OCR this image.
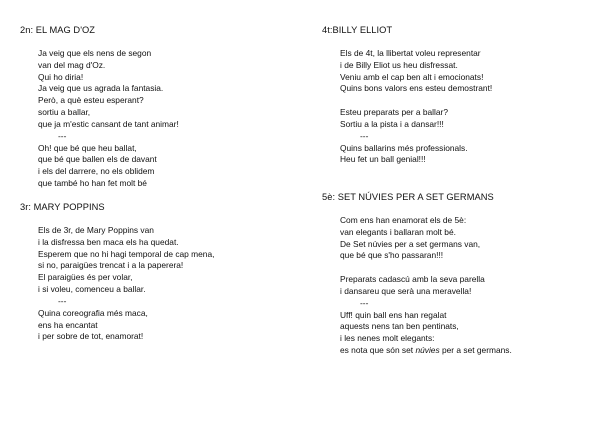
2n: EL MAG D'OZ
Ja veig que els nens de segon
van del mag d'Oz.
Qui ho diria!
Ja veig que us agrada la fantasia.
Però, a què esteu esperant?
sortiu a ballar,
que ja m'estic cansant de tant animar!
---
Oh! que bé que heu ballat,
que bé que ballen els de davant
i els del darrere, no els oblidem
que també ho han fet molt bé
3r: MARY POPPINS
Els de 3r, de Mary Poppins van
i la disfressa ben maca els ha quedat.
Esperem que no hi hagi temporal de cap mena,
si no, paraigües trencat i a la paperera!
El paraigües és per volar,
i si voleu, comenceu a ballar.
---
Quina coreografia més maca,
ens ha encantat
i per sobre de tot, enamorat!
4t:BILLY ELLIOT
Els de 4t, la llibertat voleu representar
i de Billy Eliot us heu disfressat.
Veniu amb el cap ben alt i emocionats!
Quins bons valors ens esteu demostrant!

Esteu preparats per a ballar?
Sortiu a la pista i a dansar!!!
---
Quins ballarins més professionals.
Heu fet un ball genial!!!
5è: SET NÚVIES PER A SET GERMANS
Com ens han enamorat els de 5è:
van elegants i ballaran molt bé.
De Set núvies per a set germans van,
que bé que s'ho passaran!!!

Preparats cadascú amb la seva parella
i dansareu que serà una meravella!
---
Uff! quin ball ens han regalat
aquests nens tan ben pentinats,
i les nenes molt elegants:
es nota que són set núvies per a set germans.
